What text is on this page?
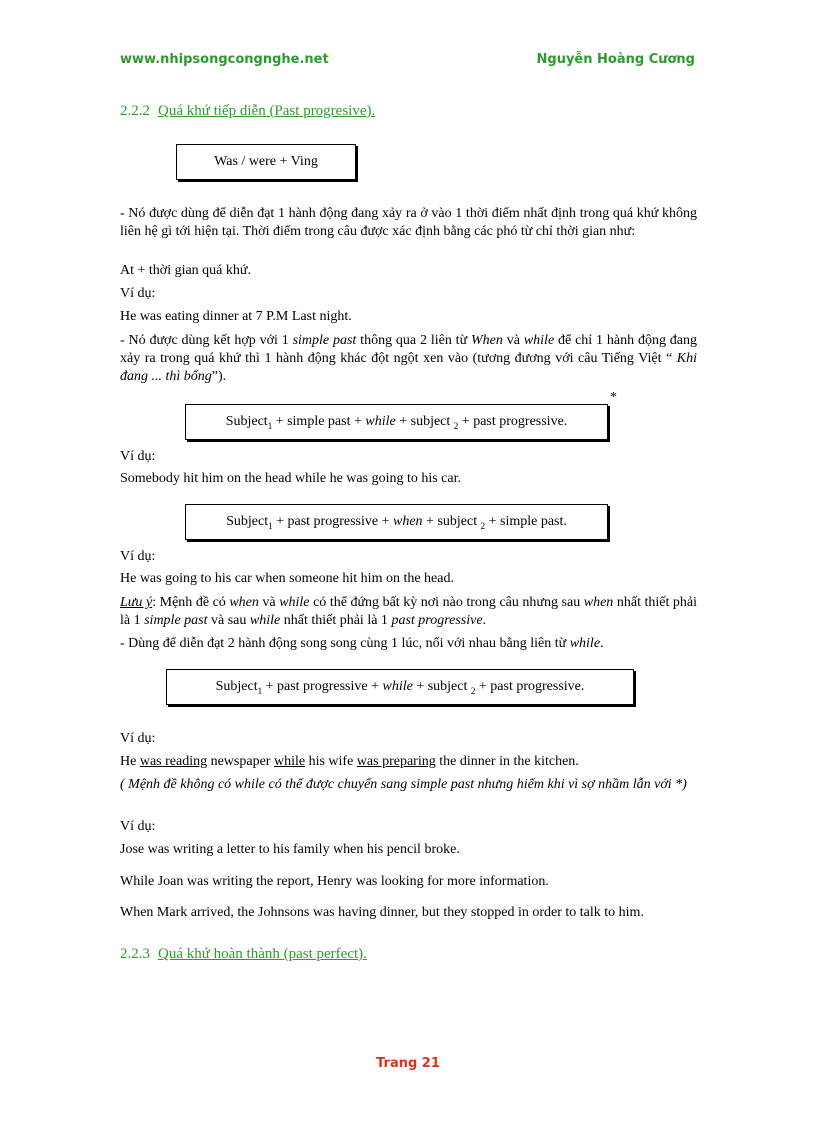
www.nhipsongcongnghe.net	Nguyễn Hoàng Cương
2.2.2 Quá khứ tiếp diễn (Past progresive).
Was / were + Ving
- Nó được dùng để diễn đạt 1 hành động đang xảy ra ở vào 1 thời điểm nhất định trong quá khứ không liên hệ gì tới hiện tại. Thời điểm trong câu được xác định bằng các phó từ chỉ thời gian như:
At + thời gian quá khứ.
Ví dụ:
He was eating dinner at 7 P.M Last night.
- Nó được dùng kết hợp với 1 simple past thông qua 2 liên từ When và while để chỉ 1 hành động đang xảy ra trong quá khứ thì 1 hành động khác đột ngột xen vào (tương đương với câu Tiếng Việt “ Khi đang ... thì bổng”).
*
Subject$_1$ + simple past + while + subject $_2$ + past progressive.
Ví dụ:
Somebody hit him on the head while he was going to his car.
Subject$_1$ + past progressive + when + subject $_2$ + simple past.
Ví dụ:
He was going to his car when someone hit him on the head.
Lưu ý: Mệnh đề có when và while có thể đứng bất kỳ nơi nào trong câu nhưng sau when nhất thiết phải là 1 simple past và sau while nhất thiết phải là 1 past progressive.
- Dùng để diễn đạt 2 hành động song song cùng 1 lúc, nối với nhau bằng liên từ while.
Subject$_1$ + past progressive + while + subject $_2$ + past progressive.
Ví dụ:
He was reading newspaper while his wife was preparing the dinner in the kitchen.
( Mệnh đề không có while có thể được chuyển sang simple past nhưng hiếm khi vì sợ nhầm lẫn với *)
Ví dụ:
Jose was writing a letter to his family when his pencil broke.
While Joan was writing the report, Henry was looking for more information.
When Mark arrived, the Johnsons was having dinner, but they stopped in order to talk to him.
2.2.3 Quá khứ hoàn thành (past perfect).
Trang 21
